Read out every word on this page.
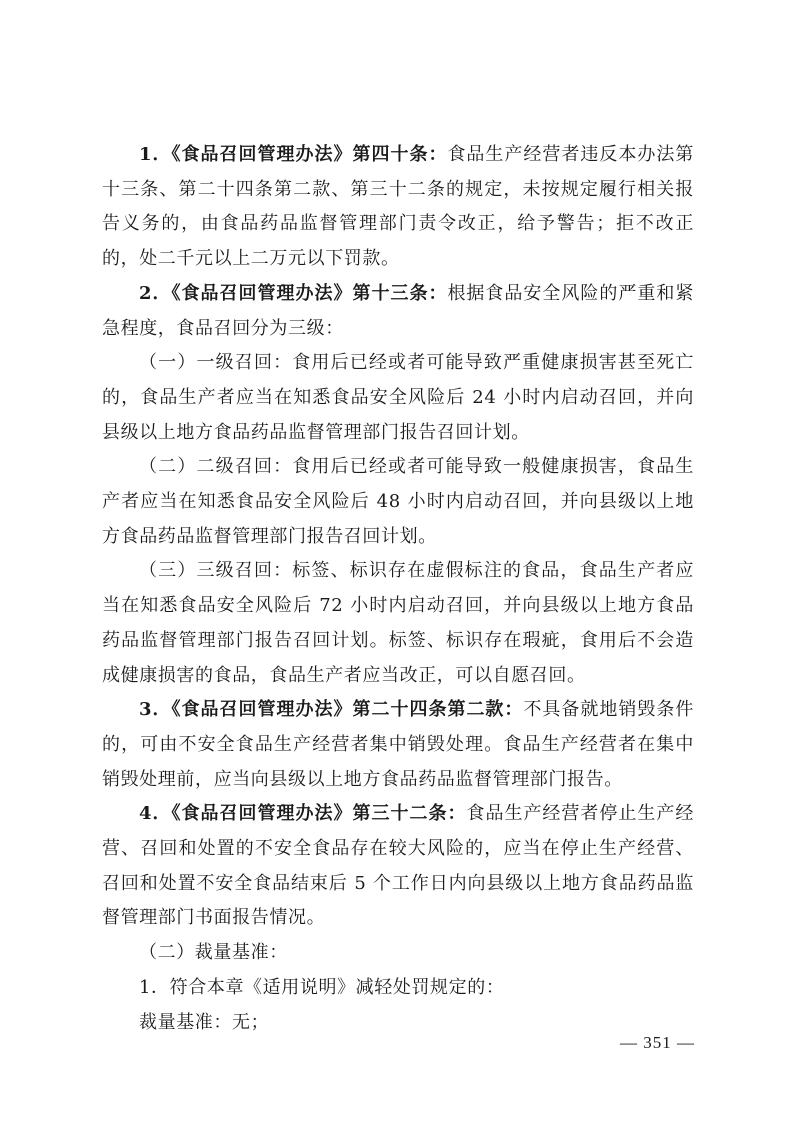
1．《食品召回管理办法》第四十条：食品生产经营者违反本办法第十三条、第二十四条第二款、第三十二条的规定，未按规定履行相关报告义务的，由食品药品监督管理部门责令改正，给予警告；拒不改正的，处二千元以上二万元以下罚款。

2．《食品召回管理办法》第十三条：根据食品安全风险的严重和紧急程度，食品召回分为三级：

（一）一级召回：食用后已经或者可能导致严重健康损害甚至死亡的，食品生产者应当在知悉食品安全风险后 24 小时内启动召回，并向县级以上地方食品药品监督管理部门报告召回计划。

（二）二级召回：食用后已经或者可能导致一般健康损害，食品生产者应当在知悉食品安全风险后 48 小时内启动召回，并向县级以上地方食品药品监督管理部门报告召回计划。

（三）三级召回：标签、标识存在虚假标注的食品，食品生产者应当在知悉食品安全风险后 72 小时内启动召回，并向县级以上地方食品药品监督管理部门报告召回计划。标签、标识存在瑕疵，食用后不会造成健康损害的食品，食品生产者应当改正，可以自愿召回。

3．《食品召回管理办法》第二十四条第二款：不具备就地销毁条件的，可由不安全食品生产经营者集中销毁处理。食品生产经营者在集中销毁处理前，应当向县级以上地方食品药品监督管理部门报告。

4．《食品召回管理办法》第三十二条：食品生产经营者停止生产经营、召回和处置的不安全食品存在较大风险的，应当在停止生产经营、召回和处置不安全食品结束后 5 个工作日内向县级以上地方食品药品监督管理部门书面报告情况。

（二）裁量基准：

1．符合本章《适用说明》减轻处罚规定的：

裁量基准：无；

— 351 —
